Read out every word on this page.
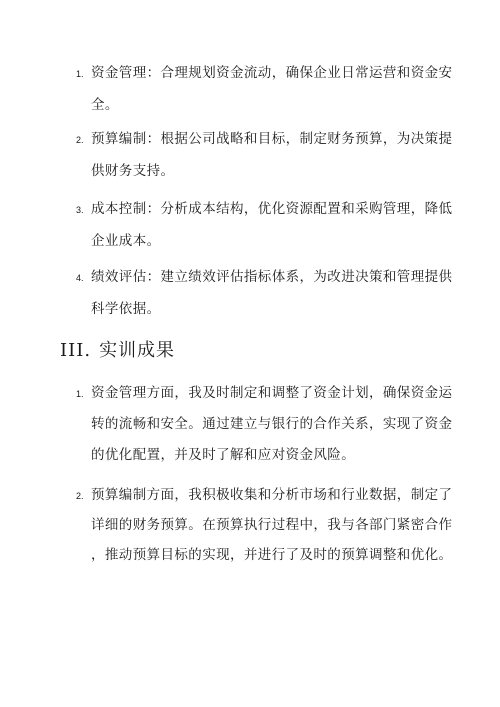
1. 资金管理：合理规划资金流动，确保企业日常运营和资金安
全。
2. 预算编制：根据公司战略和目标，制定财务预算，为决策提
供财务支持。
3. 成本控制：分析成本结构，优化资源配置和采购管理，降低
企业成本。
4. 绩效评估：建立绩效评估指标体系，为改进决策和管理提供
科学依据。
III. 实训成果
1. 资金管理方面，我及时制定和调整了资金计划，确保资金运
转的流畅和安全。通过建立与银行的合作关系，实现了资金
的优化配置，并及时了解和应对资金风险。
2. 预算编制方面，我积极收集和分析市场和行业数据，制定了
详细的财务预算。在预算执行过程中，我与各部门紧密合作
，推动预算目标的实现，并进行了及时的预算调整和优化。
